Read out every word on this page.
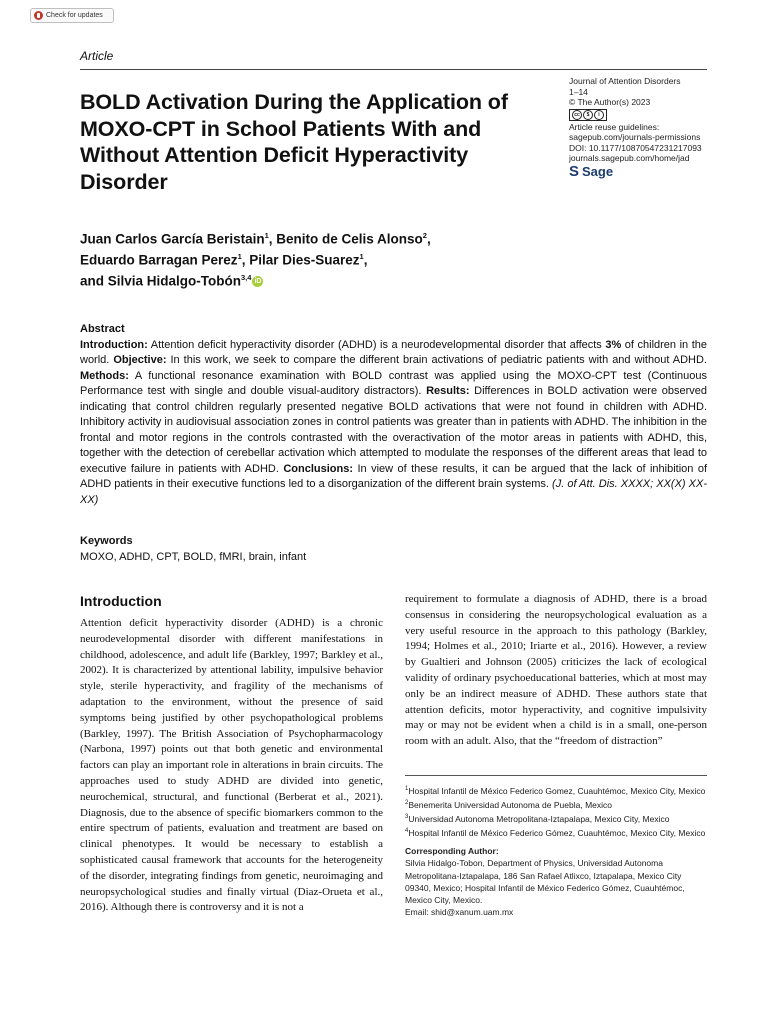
Check for updates
Article
BOLD Activation During the Application of
MOXO-CPT in School Patients With and
Without Attention Deficit Hyperactivity
Disorder
Journal of Attention Disorders
1–14
© The Author(s) 2023
cc	$	i
Article reuse guidelines:
sagepub.com/journals-permissions
DOI: 10.1177/10870547231217093
journals.sagepub.com/home/jad
S Sage
Juan Carlos García Beristain$^1$, Benito de Celis Alonso$^2$,
Eduardo Barragan Perez$^1$, Pilar Dies-Suarez$^1$,
and Silvia Hidalgo-Tobón$^{3,4}$ iD
Abstract
Introduction: Attention deficit hyperactivity disorder (ADHD) is a neurodevelopmental disorder that affects 3% of children in the world. Objective: In this work, we seek to compare the different brain activations of pediatric patients with and without ADHD. Methods: A functional resonance examination with BOLD contrast was applied using the MOXO-CPT test (Continuous Performance test with single and double visual-auditory distractors). Results: Differences in BOLD activation were observed indicating that control children regularly presented negative BOLD activations that were not found in children with ADHD. Inhibitory activity in audiovisual association zones in control patients was greater than in patients with ADHD. The inhibition in the frontal and motor regions in the controls contrasted with the overactivation of the motor areas in patients with ADHD, this, together with the detection of cerebellar activation which attempted to modulate the responses of the different areas that lead to executive failure in patients with ADHD. Conclusions: In view of these results, it can be argued that the lack of inhibition of ADHD patients in their executive functions led to a disorganization of the different brain systems. (J. of Att. Dis. XXXX; XX(X) XX-XX)
Keywords
MOXO, ADHD, CPT, BOLD, fMRI, brain, infant
Introduction
Attention deficit hyperactivity disorder (ADHD) is a chronic neurodevelopmental disorder with different manifestations in childhood, adolescence, and adult life (Barkley, 1997; Barkley et al., 2002). It is characterized by attentional lability, impulsive behavior style, sterile hyperactivity, and fragility of the mechanisms of adaptation to the environment, without the presence of said symptoms being justified by other psychopathological problems (Barkley, 1997). The British Association of Psychopharmacology (Narbona, 1997) points out that both genetic and environmental factors can play an important role in alterations in brain circuits. The approaches used to study ADHD are divided into genetic, neurochemical, structural, and functional (Berberat et al., 2021). Diagnosis, due to the absence of specific biomarkers common to the entire spectrum of patients, evaluation and treatment are based on clinical phenotypes. It would be necessary to establish a sophisticated causal framework that accounts for the heterogeneity of the disorder, integrating findings from genetic, neuroimaging and neuropsychological studies and finally virtual (Diaz-Orueta et al., 2016). Although there is controversy and it is not a
requirement to formulate a diagnosis of ADHD, there is a broad consensus in considering the neuropsychological evaluation as a very useful resource in the approach to this pathology (Barkley, 1994; Holmes et al., 2010; Iriarte et al., 2016). However, a review by Gualtieri and Johnson (2005) criticizes the lack of ecological validity of ordinary psychoeducational batteries, which at most may only be an indirect measure of ADHD. These authors state that attention deficits, motor hyperactivity, and cognitive impulsivity may or may not be evident when a child is in a small, one-person room with an adult. Also, that the “freedom of distraction”
$^1$Hospital Infantil de México Federico Gomez, Cuauhtémoc, Mexico City, Mexico
$^2$Benemerita Universidad Autonoma de Puebla, Mexico
$^3$Universidad Autonoma Metropolitana-Iztapalapa, Mexico City, Mexico
$^4$Hospital Infantil de México Federico Gómez, Cuauhtémoc, Mexico City, Mexico
Corresponding Author:
Silvia Hidalgo-Tobon, Department of Physics, Universidad Autonoma Metropolitana-Iztapalapa, 186 San Rafael Atlixco, Iztapalapa, Mexico City 09340, Mexico; Hospital Infantil de México Federico Gómez, Cuauhtémoc, Mexico City, Mexico.
Email: shid@xanum.uam.mx
